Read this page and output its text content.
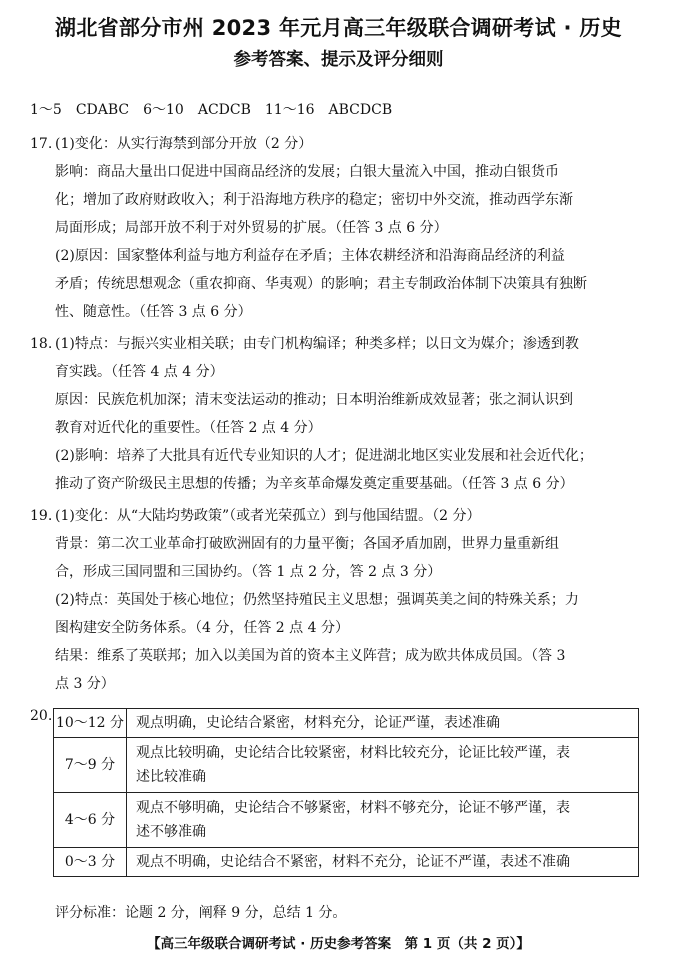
湖北省部分市州 2023 年元月高三年级联合调研考试 · 历史
参考答案、提示及评分细则
1～5　CDABC　6～10　ACDCB　11～16　ABCDCB
17. (1)变化：从实行海禁到部分开放（2 分）
影响：商品大量出口促进中国商品经济的发展；白银大量流入中国，推动白银货币
化；增加了政府财政收入；利于沿海地方秩序的稳定；密切中外交流，推动西学东渐
局面形成；局部开放不利于对外贸易的扩展。（任答 3 点 6 分）
(2)原因：国家整体利益与地方利益存在矛盾；主体农耕经济和沿海商品经济的利益
矛盾；传统思想观念（重农抑商、华夷观）的影响；君主专制政治体制下决策具有独断
性、随意性。（任答 3 点 6 分）
18. (1)特点：与振兴实业相关联；由专门机构编译；种类多样；以日文为媒介；渗透到教
育实践。（任答 4 点 4 分）
原因：民族危机加深；清末变法运动的推动；日本明治维新成效显著；张之洞认识到
教育对近代化的重要性。（任答 2 点 4 分）
(2)影响：培养了大批具有近代专业知识的人才；促进湖北地区实业发展和社会近代化；
推动了资产阶级民主思想的传播；为辛亥革命爆发奠定重要基础。（任答 3 点 6 分）
19. (1)变化：从“大陆均势政策”（或者光荣孤立）到与他国结盟。（2 分）
背景：第二次工业革命打破欧洲固有的力量平衡；各国矛盾加剧，世界力量重新组
合，形成三国同盟和三国协约。（答 1 点 2 分，答 2 点 3 分）
(2)特点：英国处于核心地位；仍然坚持殖民主义思想；强调英美之间的特殊关系；力
图构建安全防务体系。（4 分，任答 2 点 4 分）
结果：维系了英联邦；加入以美国为首的资本主义阵营；成为欧共体成员国。（答 3
点 3 分）
20. 10～12 分	观点明确，史论结合紧密，材料充分，论证严谨，表述准确
7～9 分	观点比较明确，史论结合比较紧密，材料比较充分，论证比较严谨，表
述比较准确
4～6 分	观点不够明确，史论结合不够紧密，材料不够充分，论证不够严谨，表
述不够准确
0～3 分	观点不明确，史论结合不紧密，材料不充分，论证不严谨，表述不准确
评分标准：论题 2 分，阐释 9 分，总结 1 分。
【高三年级联合调研考试 · 历史参考答案　第 1 页（共 2 页）】
